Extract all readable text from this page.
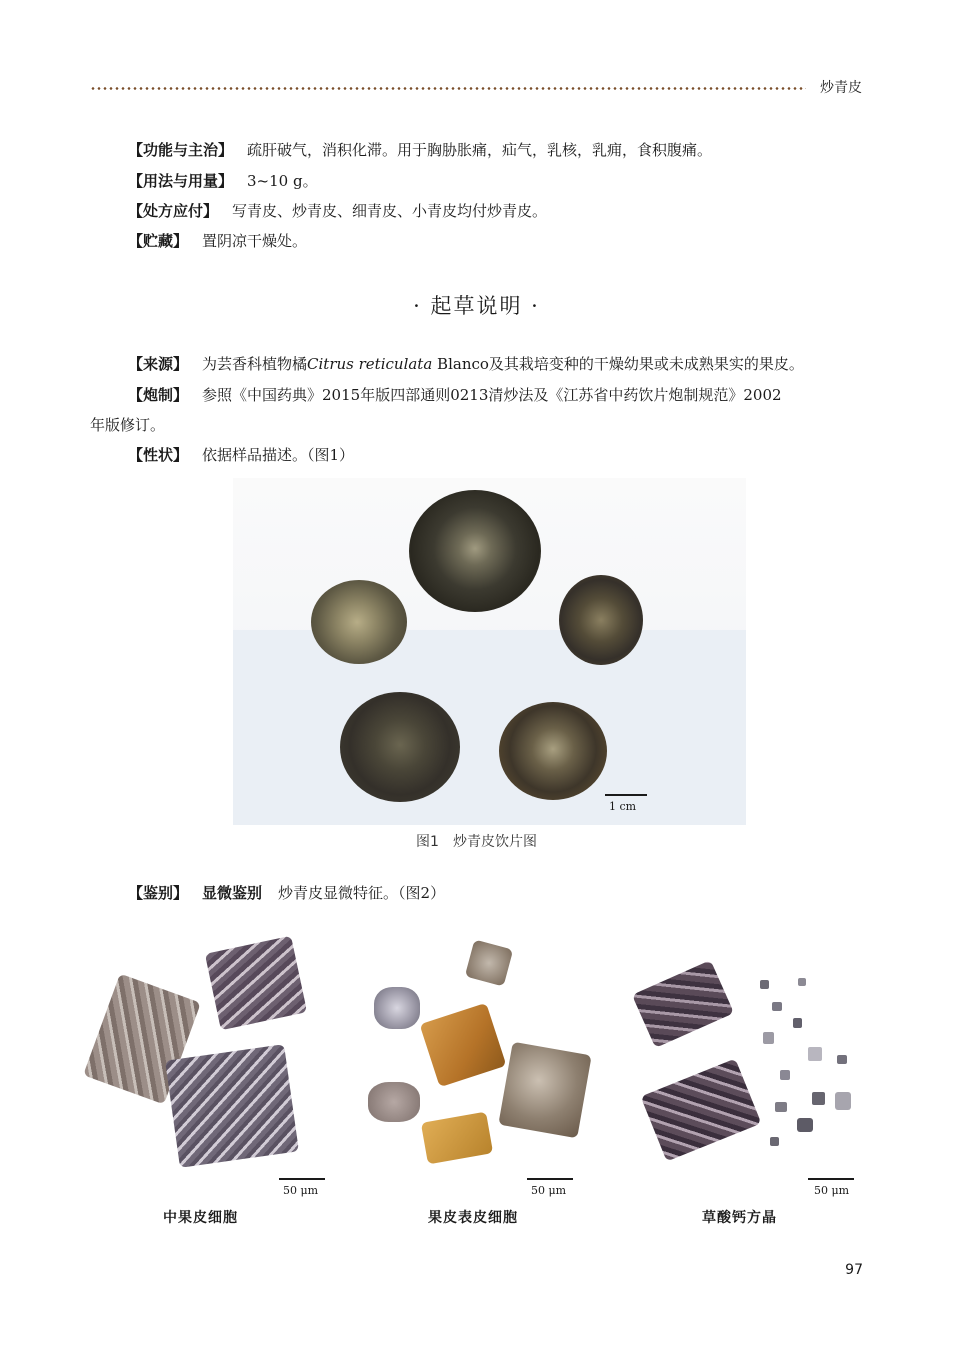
炒青皮
【功能与主治】 疏肝破气，消积化滞。用于胸胁胀痛，疝气，乳核，乳痈，食积腹痛。
【用法与用量】 3~10 g。
【处方应付】 写青皮、炒青皮、细青皮、小青皮均付炒青皮。
【贮藏】 置阴凉干燥处。
· 起草说明 ·
【来源】 为芸香科植物橘Citrus reticulata Blanco及其栽培变种的干燥幼果或未成熟果实的果皮。
【炮制】 参照《中国药典》2015年版四部通则0213清炒法及《江苏省中药饮片炮制规范》2002
年版修订。
【性状】 依据样品描述。（图1）
1 cm
图1　炒青皮饮片图
【鉴别】 显微鉴别 炒青皮显微特征。（图2）
50 μm
中果皮细胞
50 μm
果皮表皮细胞
50 μm
草酸钙方晶
97
